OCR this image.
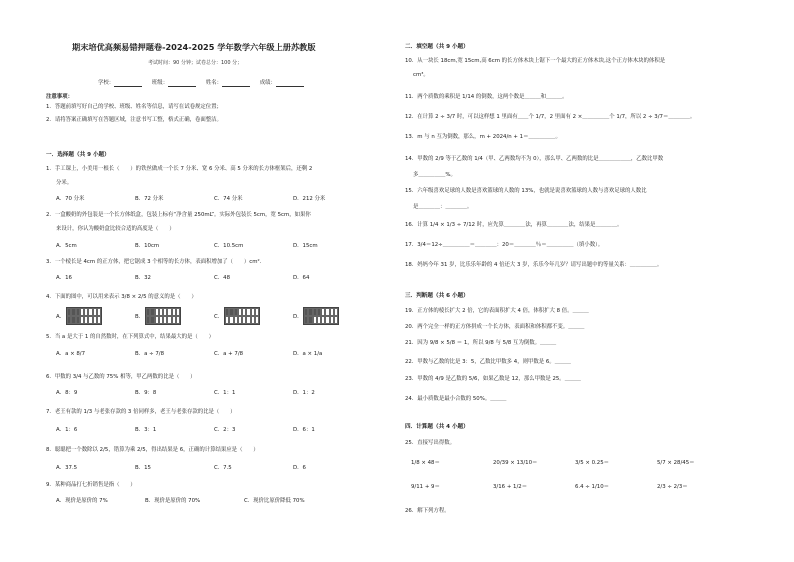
期末培优高频易错押题卷-2024-2025 学年数学六年级上册苏教版
考试时间：90 分钟；试卷总分：100 分；
学校：	班级：	姓名：	成绩：
注意事项：
1．答题前填写好自己的学校、班级、姓名等信息，请写在试卷规定位置；
2．请将答案正确填写在答题区域，注意书写工整，格式正确，卷面整洁。
一．选择题（共 9 小题）
1．手工课上，小美用一根长（　　）的铁丝做成一个长 7 分米、宽 6 分米、高 5 分米的长方体框架后，还剩 2
分米。
A．70 分米	B．72 分米	C．74 分米	D．212 分米
2．一盒酸奶的外包装是一个长方体纸盒，包装上标有“净含量 250mL”。实际外包装长 5cm，宽 5cm，如果你
来设计，你认为酸奶盒比较合适的高度是（　　）
A．5cm	B．10cm	C．10.5cm	D．15cm
3．一个棱长是 4cm 的正方体，把它锯成 3 个相等的长方体，表面积增加了（　　）cm².
A．16	B．32	C．48	D．64
4．下面的图中，可以用来表示 3/8 × 2/5 的意义的是（　　）
A．	B．	C．	D．
5．当 a 是大于 1 的自然数时，在下列算式中，结果最大的是（　　）
A．a × 8/7	B．a ÷ 7/8	C．a + 7/8	D．a × 1/a
6．甲数的 3/4 与乙数的 75% 相等，甲乙两数的比是（　　）
A．8：9	B．9：8	C．1：1	D．1：2
7．老王有款的 1/3 与老张存款的 3 倍同样多，老王与老张存款的比是（　　）
A．1：6	B．3：1	C．2：3	D．6：1
8．聪聪把一个数除以 2/5，错算为乘 2/5，得出结果是 6，正确的计算结果应是（　　）
A．37.5	B．15	C．7.5	D．6
9．某种商品打七折销售是指（　　）
A．现价是原价的 7%	B．现价是原价的 70%	C．现价比原价降低 70%
二．填空题（共 9 小题）
10．从一块长 18cm,宽 15cm,高 6cm 的长方体木块上锯下一个最大的正方体木块,这个正方体木块的体积是
cm³。
11．两个质数的乘积是 1/14 的倒数，这两个数是＿＿＿和＿＿＿。
12．在计算 2 ÷ 3/7 时，可以这样想 1 里面有＿＿个 1/7，2 里面有 2 ×＿＿＿＿＿个 1/7，所以 2 ÷ 3/7＝＿＿＿＿。
13．m 与 n 互为倒数，那么，m + 2024/n + 1＝＿＿＿＿＿。
14．甲数的 2/9 等于乙数的 1/4（甲、乙两数均不为 0），那么甲、乙两数的比是＿＿＿＿＿＿，乙数比甲数
多＿＿＿＿＿%。
15．六年级喜欢足球的人数是喜欢篮球的人数的 13%，也就是说喜欢篮球的人数与喜欢足球的人数比
是＿＿＿＿：＿＿＿＿。
16．计算 1/4 × 1/3 ÷ 7/12 时，应先算＿＿＿＿法，再算＿＿＿＿法，结果是＿＿＿＿。
17．3/4＝12÷＿＿＿＿＿＝＿＿＿＿：20＝＿＿＿＿％＝＿＿＿＿＿（填小数）。
18．妈妈今年 31 岁，比乐乐年龄的 4 倍还大 3 岁，乐乐今年几岁？请写出题中的等量关系：＿＿＿＿＿。
三．判断题（共 6 小题）
19．正方体的棱长扩大 2 倍，它的表面积扩大 4 倍，体积扩大 8 倍。＿＿＿
20．两个完全一样的正方体拼成一个长方体，表面积和体积都不变。＿＿＿
21．因为 9/8 × 5/8 ＝ 1，所以 9/8 与 5/8 互为倒数。＿＿＿
22．甲数与乙数的比是 3：5，乙数比甲数多 4，则甲数是 6。＿＿＿
23．甲数的 4/9 是乙数的 5/6，如果乙数是 12，那么甲数是 25。＿＿＿
24．最小质数是最小合数的 50%。＿＿＿
四．计算题（共 4 小题）
25．直接写出得数。
1/8 × 48＝	20/39 × 13/10＝	3/5 × 0.25＝	5/7 × 28/45＝
9/11 + 9＝	3/16 + 1/2＝	6.4 ÷ 1/10＝	2/3 ÷ 2/3＝
26．解下列方程。
